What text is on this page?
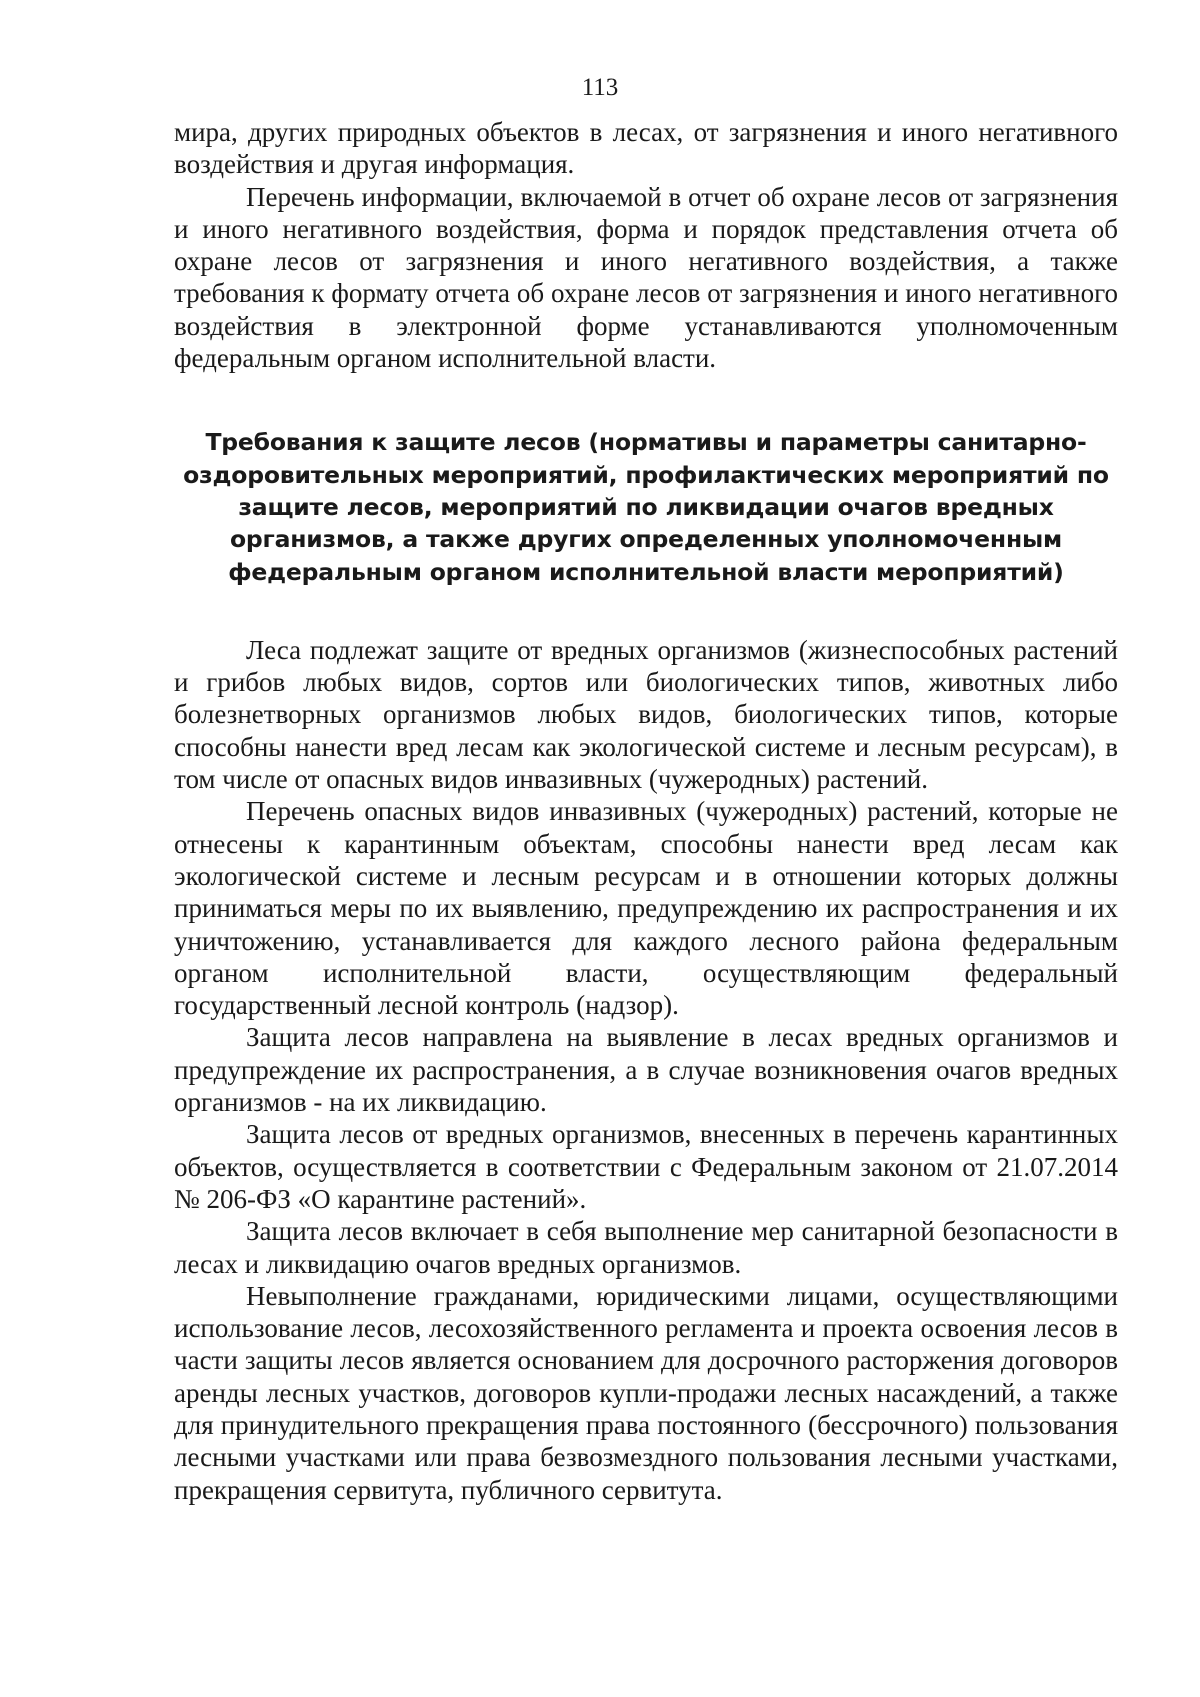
113

мира, других природных объектов в лесах, от загрязнения и иного негативного воздействия и другая информация.

Перечень информации, включаемой в отчет об охране лесов от загрязнения и иного негативного воздействия, форма и порядок представления отчета об охране лесов от загрязнения и иного негативного воздействия, а также требования к формату отчета об охране лесов от загрязнения и иного негативного воздействия в электронной форме устанавливаются уполномоченным федеральным органом исполнительной власти.

Требования к защите лесов (нормативы и параметры санитарно-оздоровительных мероприятий, профилактических мероприятий по защите лесов, мероприятий по ликвидации очагов вредных организмов, а также других определенных уполномоченным федеральным органом исполнительной власти мероприятий)

Леса подлежат защите от вредных организмов (жизнеспособных растений и грибов любых видов, сортов или биологических типов, животных либо болезнетворных организмов любых видов, биологических типов, которые способны нанести вред лесам как экологической системе и лесным ресурсам), в том числе от опасных видов инвазивных (чужеродных) растений.

Перечень опасных видов инвазивных (чужеродных) растений, которые не отнесены к карантинным объектам, способны нанести вред лесам как экологической системе и лесным ресурсам и в отношении которых должны приниматься меры по их выявлению, предупреждению их распространения и их уничтожению, устанавливается для каждого лесного района федеральным органом исполнительной власти, осуществляющим федеральный государственный лесной контроль (надзор).

Защита лесов направлена на выявление в лесах вредных организмов и предупреждение их распространения, а в случае возникновения очагов вредных организмов - на их ликвидацию.

Защита лесов от вредных организмов, внесенных в перечень карантинных объектов, осуществляется в соответствии с Федеральным законом от 21.07.2014 № 206-ФЗ «О карантине растений».

Защита лесов включает в себя выполнение мер санитарной безопасности в лесах и ликвидацию очагов вредных организмов.

Невыполнение гражданами, юридическими лицами, осуществляющими использование лесов, лесохозяйственного регламента и проекта освоения лесов в части защиты лесов является основанием для досрочного расторжения договоров аренды лесных участков, договоров купли-продажи лесных насаждений, а также для принудительного прекращения права постоянного (бессрочного) пользования лесными участками или права безвозмездного пользования лесными участками, прекращения сервитута, публичного сервитута.
